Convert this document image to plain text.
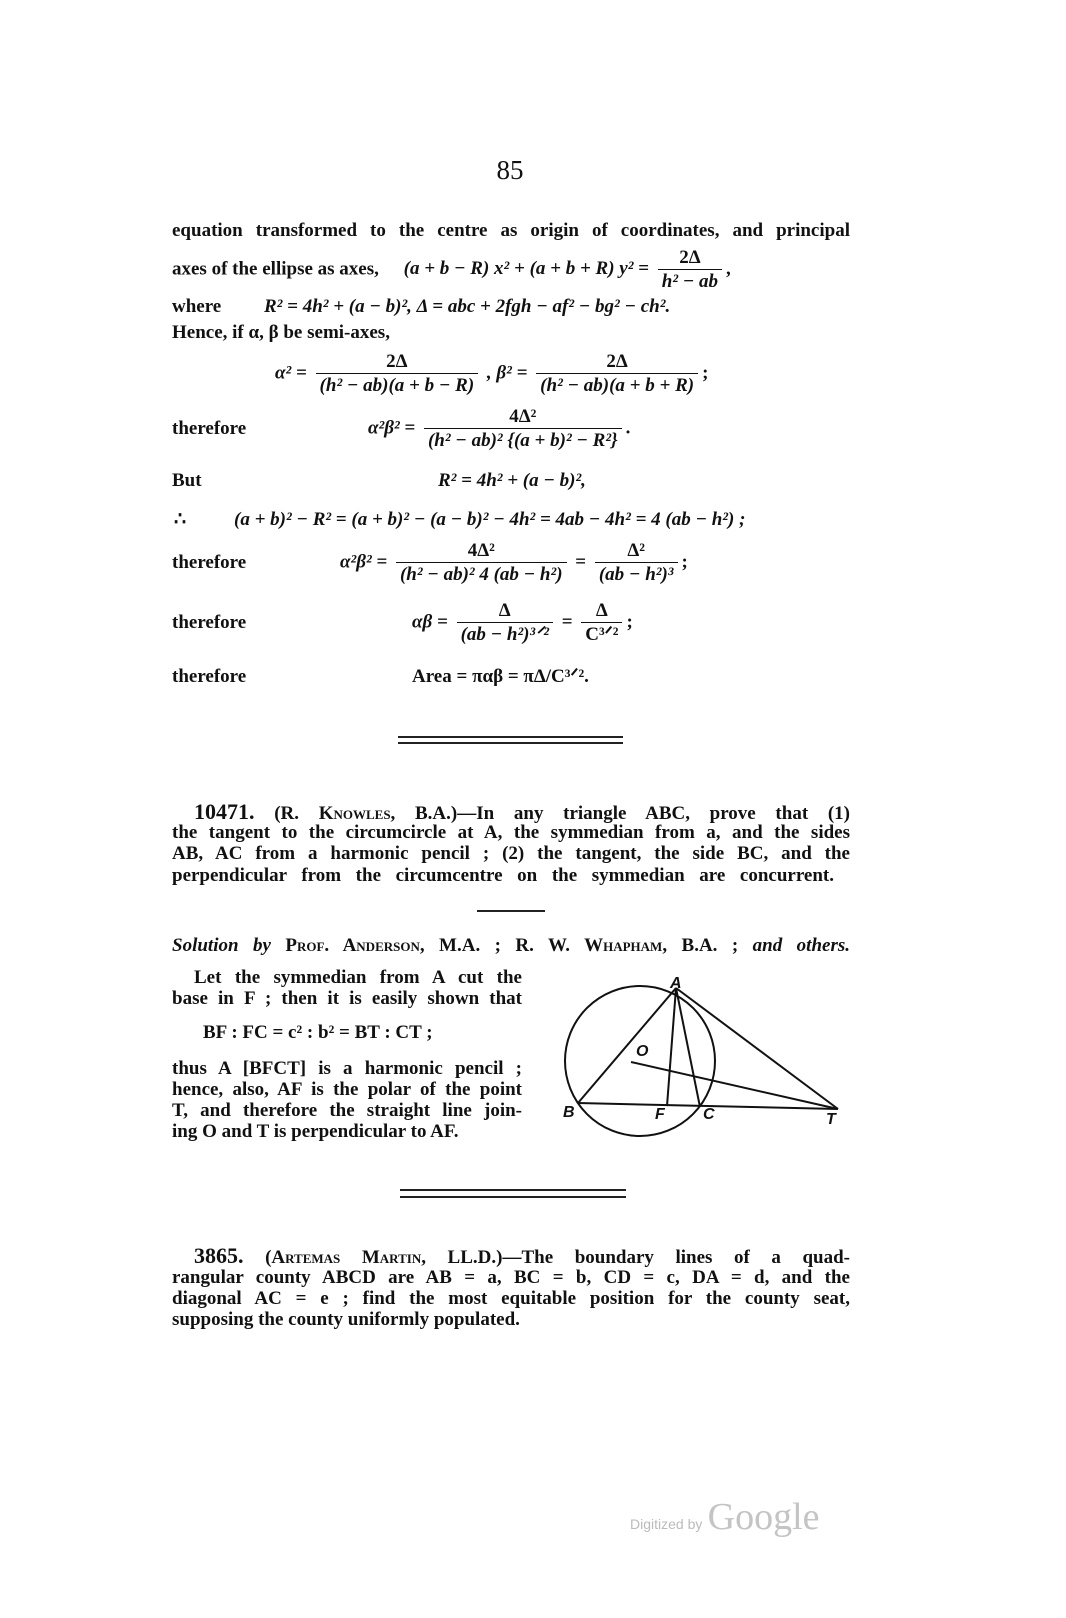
85
equation transformed to the centre as origin of coordinates, and principal
axes of the ellipse as axes, (a + b − R) x² + (a + b + R) $y^2 = \frac{2\Delta}{\text{h² − ab}}$ ,
where R² = 4h² + (a − b)², Δ = abc + 2fgh − af² − bg² − ch².
Hence, if α, β be semi-axes,
$\alpha^2 = \frac{2\Delta}{\text{(h² − ab)(a + b − R)}}$ , $\beta^2 = \frac{2\Delta}{\text{(h² − ab)(a + b + R)}}$ ;
therefore	$\alpha^2\beta^2 = \frac{\text{4Δ²}}{\text{(h² − ab)² \{(a + b)² − R²\}}}$ .
But	R² = 4h² + (a − b)²,
∴	(a + b)² − R² = (a + b)² − (a − b)² − 4h² = 4ab − 4h² = 4 (ab − h²) ;
therefore	$\alpha^2\beta^2 = \frac{\text{4Δ²}}{\text{(h² − ab)² 4 (ab − h²)}} = \frac{\text{Δ²}}{\text{(ab − h²)³}}$ ;
therefore	$\alpha\beta = \frac{\Delta}{\text{(ab − h²)³ᐟ²}} = \frac{\Delta}{\text{C³ᐟ²}}$ ;
therefore	Area = παβ = πΔ/C³ᐟ².
10471. (R. Knowles, B.A.)—In any triangle ABC, prove that (1)
the tangent to the circumcircle at A, the symmedian from a, and the sides
AB, AC from a harmonic pencil ; (2) the tangent, the side BC, and the
perpendicular from the circumcentre on the symmedian are concurrent.
Solution by Prof. Anderson, M.A. ; R. W. Whapham, B.A. ; and others.
Let the symmedian from A cut the
base in F ; then it is easily shown that
BF : FC = c² : b² = BT : CT ;
thus A [BFCT] is a harmonic pencil ;
hence, also, AF is the polar of the point
T, and therefore the straight line join-
ing O and T is perpendicular to AF.
A
O
B	F C	T
3865. (Artemas Martin, LL.D.)—The boundary lines of a quad-
rangular county ABCD are AB = a, BC = b, CD = c, DA = d, and the
diagonal AC = e ; find the most equitable position for the county seat,
supposing the county uniformly populated.
Digitized by Google
